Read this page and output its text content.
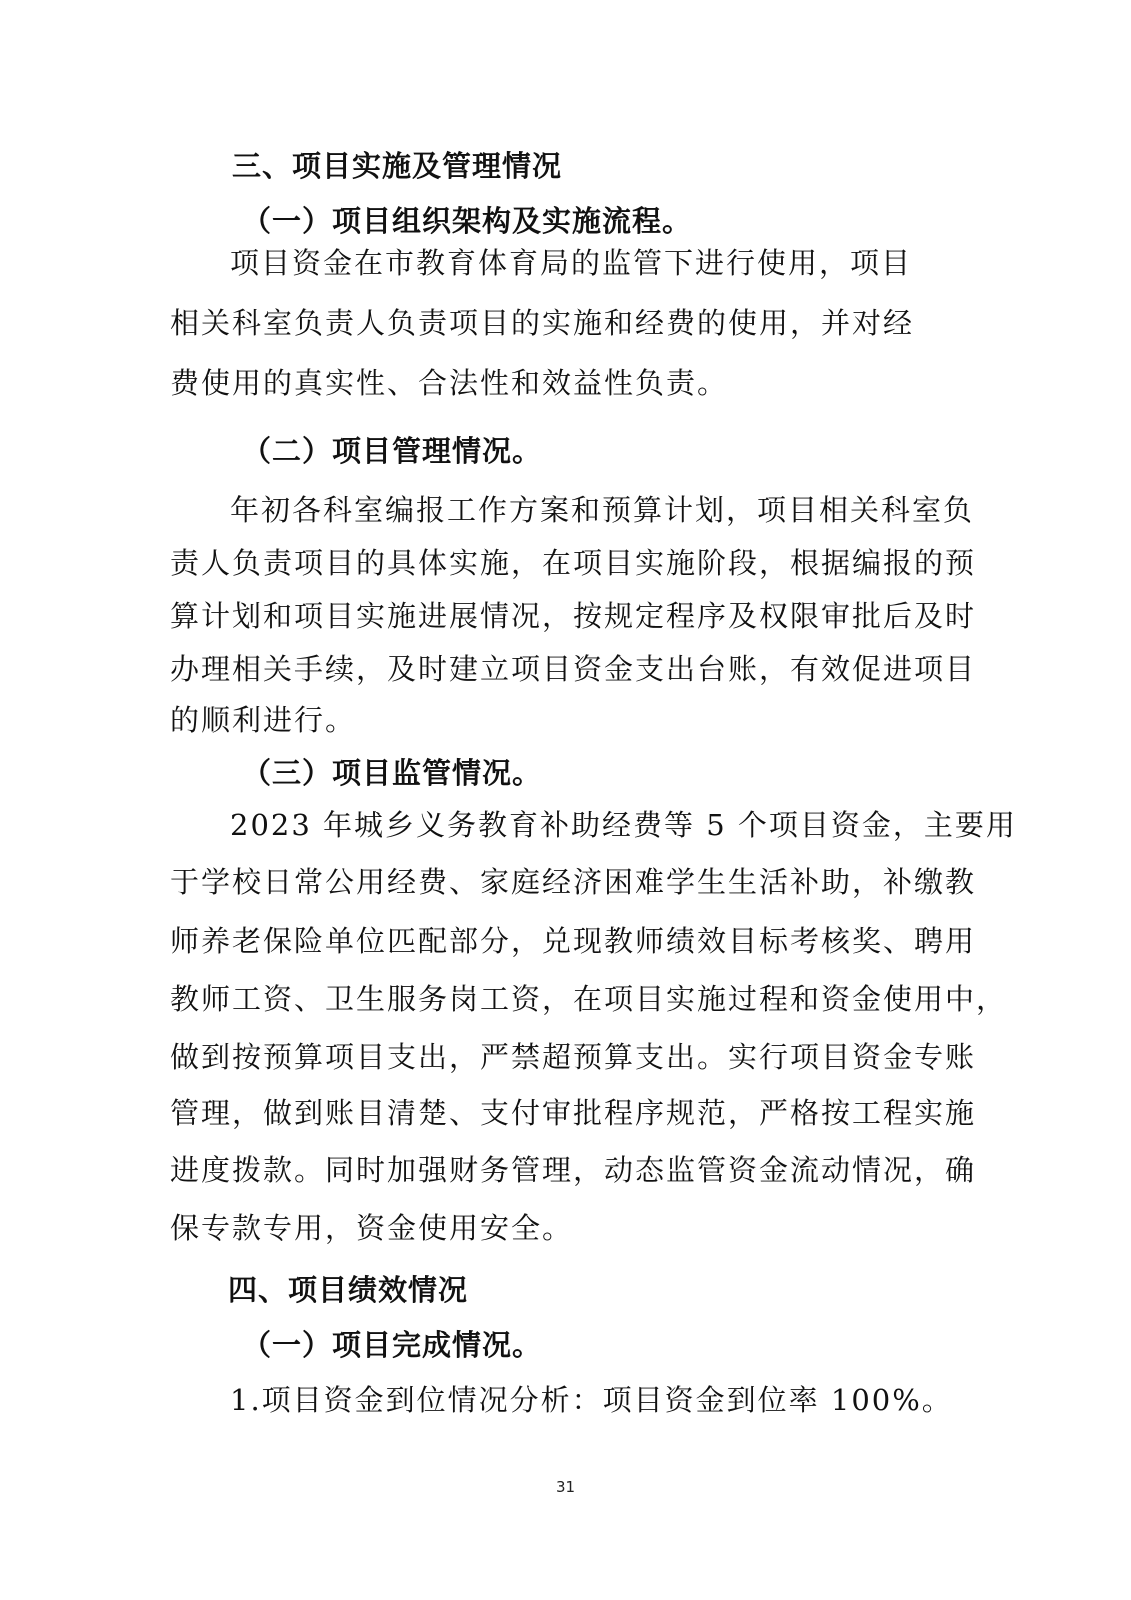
三、项目实施及管理情况
（一）项目组织架构及实施流程。
项目资金在市教育体育局的监管下进行使用，项目
相关科室负责人负责项目的实施和经费的使用，并对经
费使用的真实性、合法性和效益性负责。
（二）项目管理情况。
年初各科室编报工作方案和预算计划，项目相关科室负
责人负责项目的具体实施，在项目实施阶段，根据编报的预
算计划和项目实施进展情况，按规定程序及权限审批后及时
办理相关手续，及时建立项目资金支出台账，有效促进项目
的顺利进行。
（三）项目监管情况。
2023 年城乡义务教育补助经费等 5 个项目资金，主要用
于学校日常公用经费、家庭经济困难学生生活补助，补缴教
师养老保险单位匹配部分，兑现教师绩效目标考核奖、聘用
教师工资、卫生服务岗工资，在项目实施过程和资金使用中，
做到按预算项目支出，严禁超预算支出。实行项目资金专账
管理，做到账目清楚、支付审批程序规范，严格按工程实施
进度拨款。同时加强财务管理，动态监管资金流动情况，确
保专款专用，资金使用安全。
四、项目绩效情况
（一）项目完成情况。
1.项目资金到位情况分析：项目资金到位率 100%。
31
